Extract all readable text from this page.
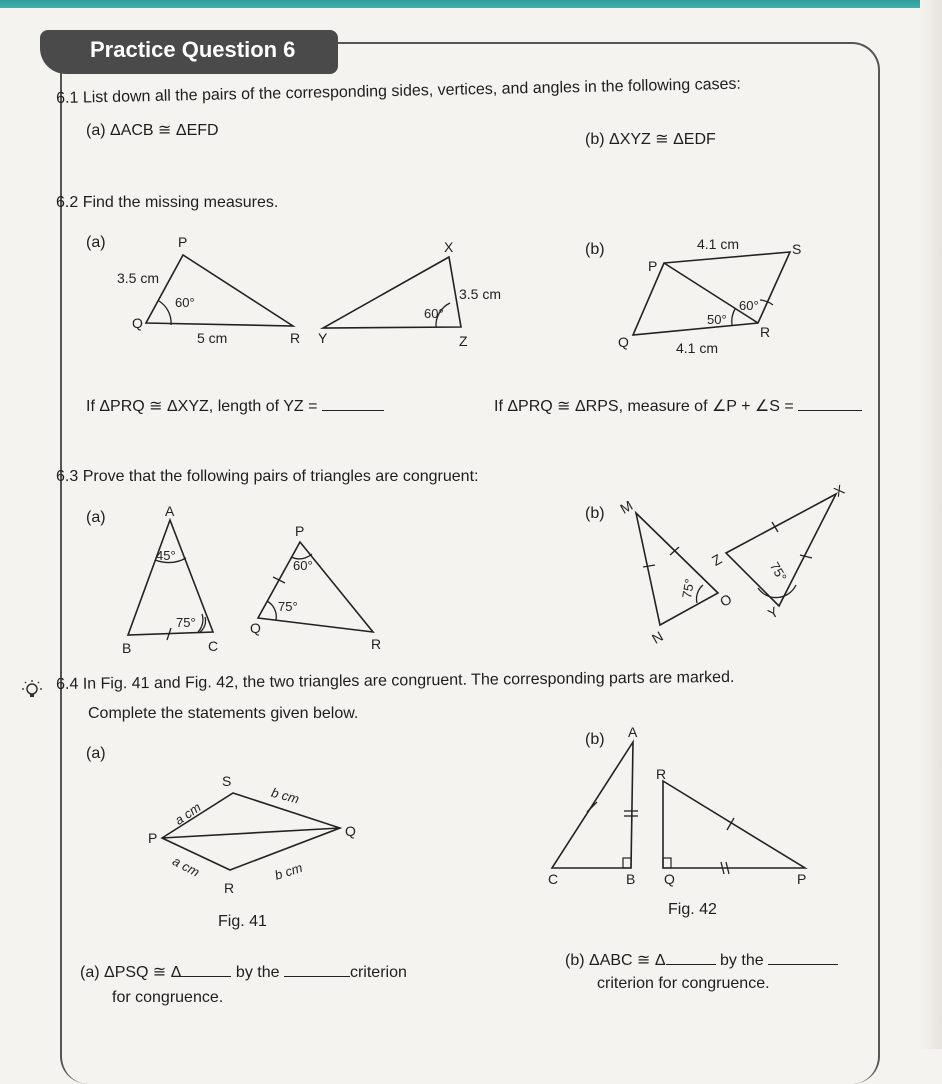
Practice Question 6
6.1 List down all the pairs of the corresponding sides, vertices, and angles in the following cases:
(a) ΔACB ≅ ΔEFD
(b) ΔXYZ ≅ ΔEDF
6.2 Find the missing measures.
(a)	(b)
P
Q
R
3.5 cm
5 cm
60°
X
Y	Z
3.5 cm
60°
P
Q
R
S
4.1 cm
4.1 cm
50°
60°
A
B	C
45°
75°
P
Q
R
60°
75°
M
N
O
75°
X
Y
Z	75°
P
S
Q
R
a cm
a cm
b cm
b cm
A
C	B
R
Q	P
If ΔPRQ ≅ ΔXYZ, length of YZ =	If ΔPRQ ≅ ΔRPS, measure of ∠P + ∠S =
6.3 Prove that the following pairs of triangles are congruent:
(a)	(b)
6.4 In Fig. 41 and Fig. 42, the two triangles are congruent. The corresponding parts are marked.
Complete the statements given below.
(a)
(b)
Fig. 41
Fig. 42
(a) ΔPSQ ≅ Δ	by the	criterion
for congruence.
(b) ΔABC ≅ Δ	by the
criterion for congruence.
